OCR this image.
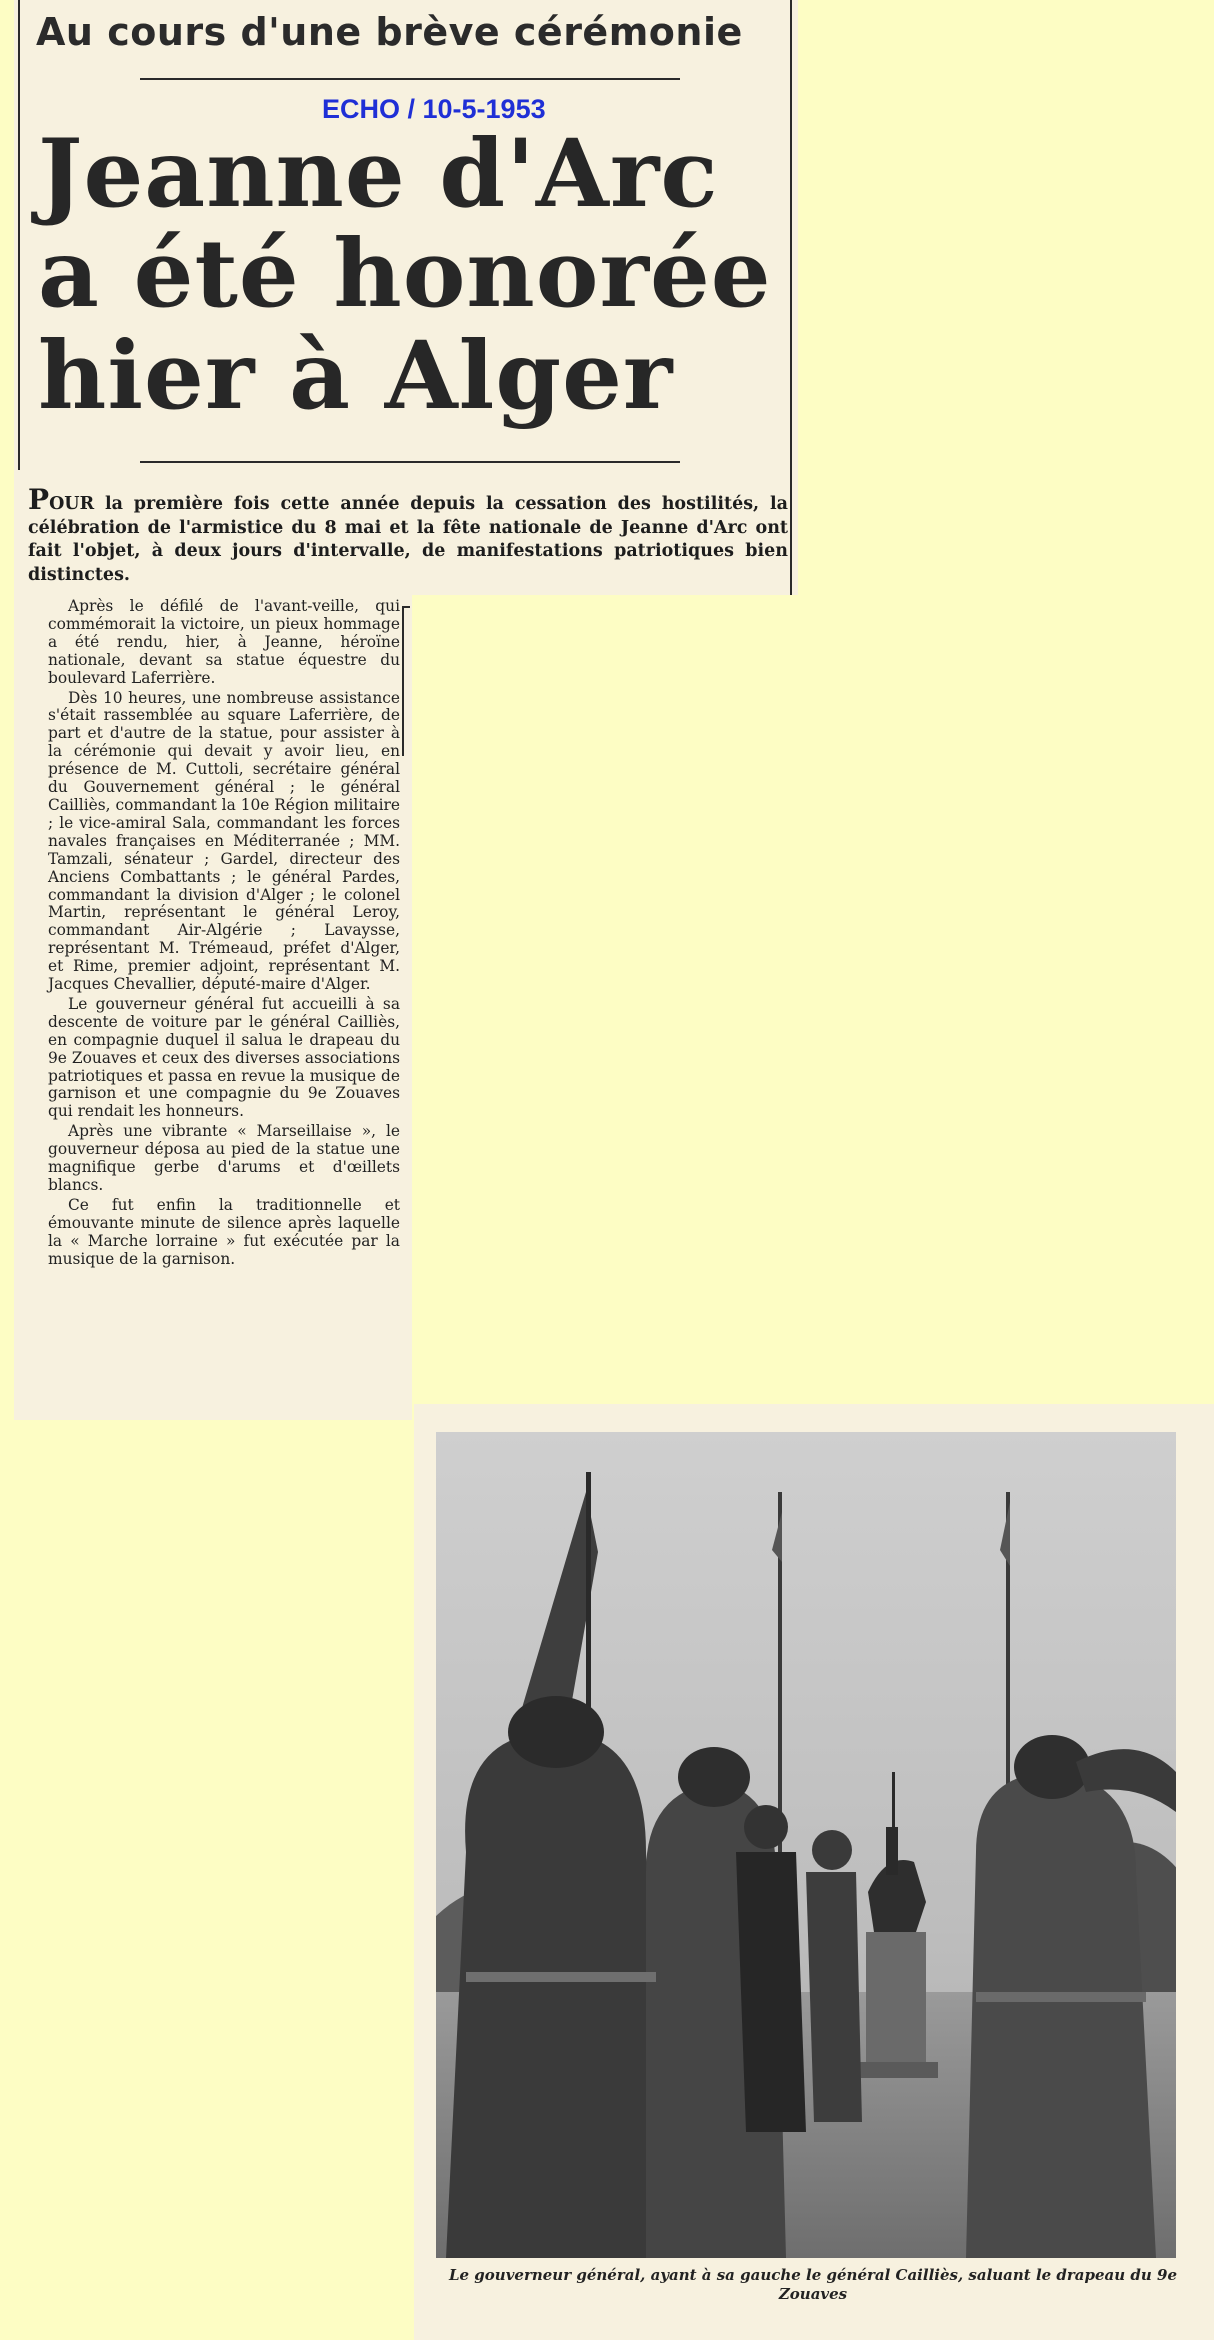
Au cours d'une brève cérémonie
ECHO / 10-5-1953
Jeanne d'Arc
a été honorée
hier à Alger
POUR la première fois cette année depuis la cessation des hostilités, la célébration de l'armistice du 8 mai et la fête nationale de Jeanne d'Arc ont fait l'objet, à deux jours d'intervalle, de manifestations patriotiques bien distinctes.

Après le défilé de l'avant-veille, qui commémorait la victoire, un pieux hommage a été rendu, hier, à Jeanne, héroïne nationale, devant sa statue équestre du boulevard Laferrière.

Dès 10 heures, une nombreuse assistance s'était rassemblée au square Laferrière, de part et d'autre de la statue, pour assister à la cérémonie qui devait y avoir lieu, en présence de M. Cuttoli, secrétaire général du Gouvernement général ; le général Cailliès, commandant la 10e Région militaire ; le vice-amiral Sala, commandant les forces navales françaises en Méditerranée ; MM. Tamzali, sénateur ; Gardel, directeur des Anciens Combattants ; le général Pardes, commandant la division d'Alger ; le colonel Martin, représentant le général Leroy, commandant Air-Algérie ; Lavaysse, représentant M. Trémeaud, préfet d'Alger, et Rime, premier adjoint, représentant M. Jacques Chevallier, député-maire d'Alger.

Le gouverneur général fut accueilli à sa descente de voiture par le général Cailliès, en compagnie duquel il salua le drapeau du 9e Zouaves et ceux des diverses associations patriotiques et passa en revue la musique de garnison et une compagnie du 9e Zouaves qui rendait les honneurs.

Après une vibrante « Marseillaise », le gouverneur déposa au pied de la statue une magnifique gerbe d'arums et d'œillets blancs.

Ce fut enfin la traditionnelle et émouvante minute de silence après laquelle la « Marche lorraine » fut exécutée par la musique de la garnison.

Le gouverneur général, ayant à sa gauche le général Cailliès, saluant le drapeau du 9e Zouaves
